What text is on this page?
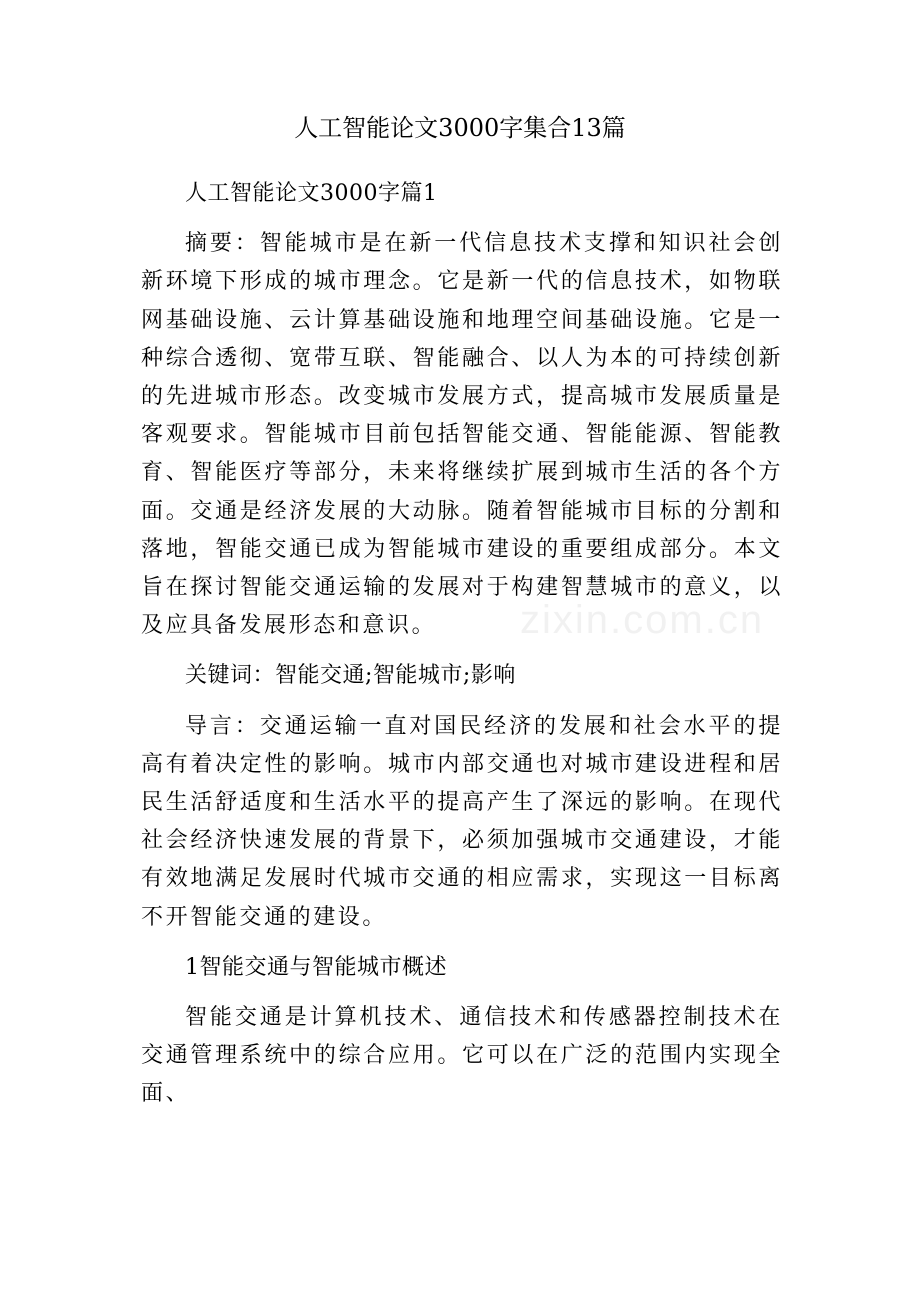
人工智能论文3000字集合13篇
zixin.com.cn

人工智能论文3000字篇1

摘要：智能城市是在新一代信息技术支撑和知识社会创新环境下形成的城市理念。它是新一代的信息技术，如物联网基础设施、云计算基础设施和地理空间基础设施。它是一种综合透彻、宽带互联、智能融合、以人为本的可持续创新的先进城市形态。改变城市发展方式，提高城市发展质量是客观要求。智能城市目前包括智能交通、智能能源、智能教育、智能医疗等部分，未来将继续扩展到城市生活的各个方面。交通是经济发展的大动脉。随着智能城市目标的分割和落地，智能交通已成为智能城市建设的重要组成部分。本文旨在探讨智能交通运输的发展对于构建智慧城市的意义，以及应具备发展形态和意识。

关键词：智能交通;智能城市;影响

导言：交通运输一直对国民经济的发展和社会水平的提高有着决定性的影响。城市内部交通也对城市建设进程和居民生活舒适度和生活水平的提高产生了深远的影响。在现代社会经济快速发展的背景下，必须加强城市交通建设，才能有效地满足发展时代城市交通的相应需求，实现这一目标离不开智能交通的建设。

1智能交通与智能城市概述

智能交通是计算机技术、通信技术和传感器控制技术在交通管理系统中的综合应用。它可以在广泛的范围内实现全面、
